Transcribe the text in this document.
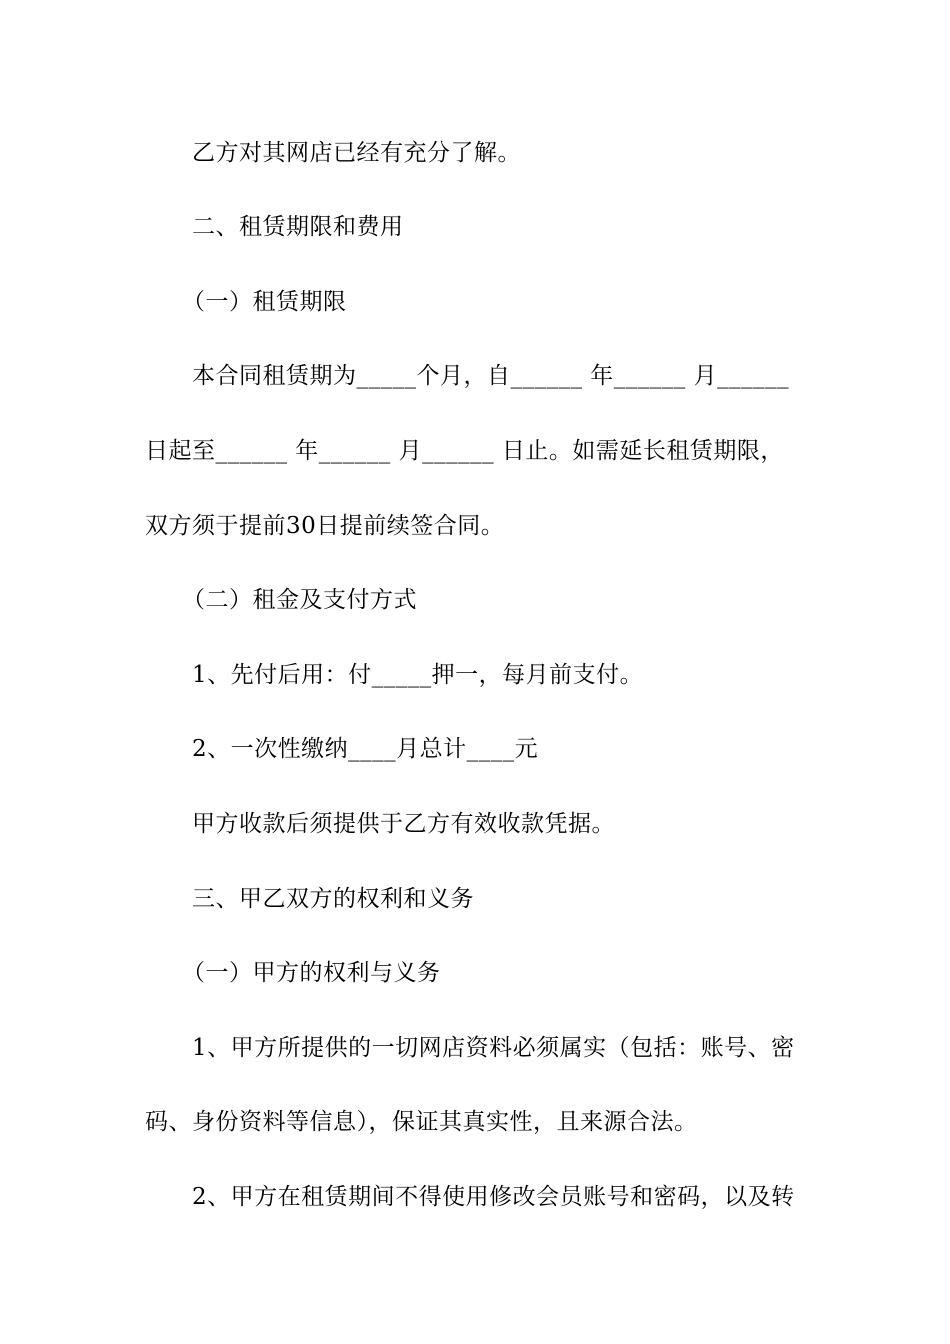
乙方对其网店已经有充分了解。
二、租赁期限和费用
（一）租赁期限
本合同租赁期为_____个月，自______ 年______ 月______
日起至______ 年______ 月______ 日止。如需延长租赁期限，
双方须于提前30日提前续签合同。
（二）租金及支付方式
1、先付后用：付_____押一，每月前支付。
2、一次性缴纳____月总计____元
甲方收款后须提供于乙方有效收款凭据。
三、甲乙双方的权利和义务
（一）甲方的权利与义务
1、甲方所提供的一切网店资料必须属实（包括：账号、密
码、身份资料等信息），保证其真实性，且来源合法。
2、甲方在租赁期间不得使用修改会员账号和密码，以及转
